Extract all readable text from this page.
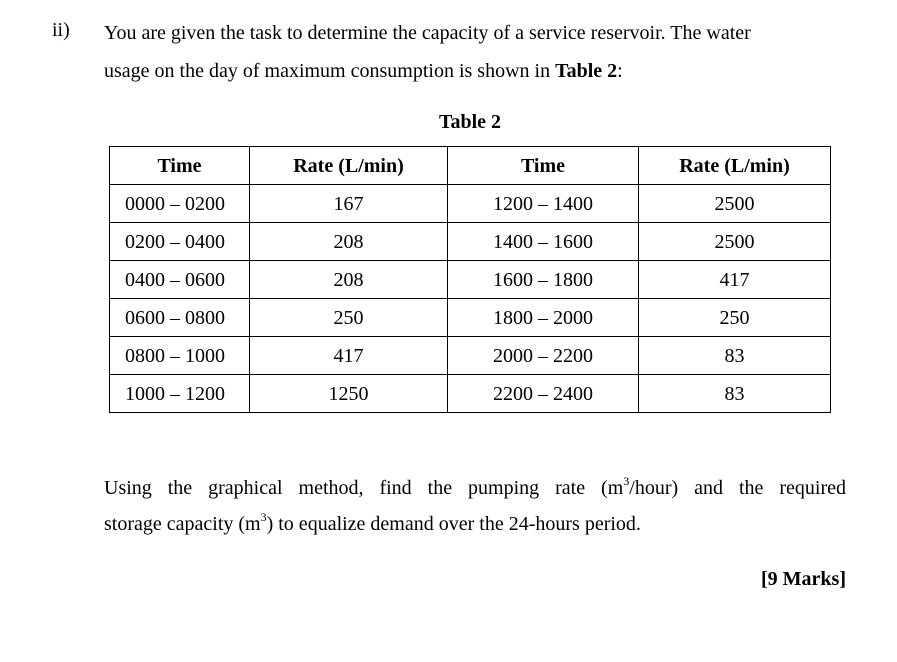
ii) You are given the task to determine the capacity of a service reservoir. The water
usage on the day of maximum consumption is shown in Table 2:
Table 2
Time	Rate (L/min)	Time	Rate (L/min)
0000 – 0200	167	1200 – 1400	2500
0200 – 0400	208	1400 – 1600	2500
0400 – 0600	208	1600 – 1800	417
0600 – 0800	250	1800 – 2000	250
0800 – 1000	417	2000 – 2200	83
1000 – 1200	1250	2200 – 2400	83
Using the graphical method, find the pumping rate $(m^3/hour)$ and the required
storage capacity $(m^3)$ to equalize demand over the 24-hours period.
[9 Marks]
